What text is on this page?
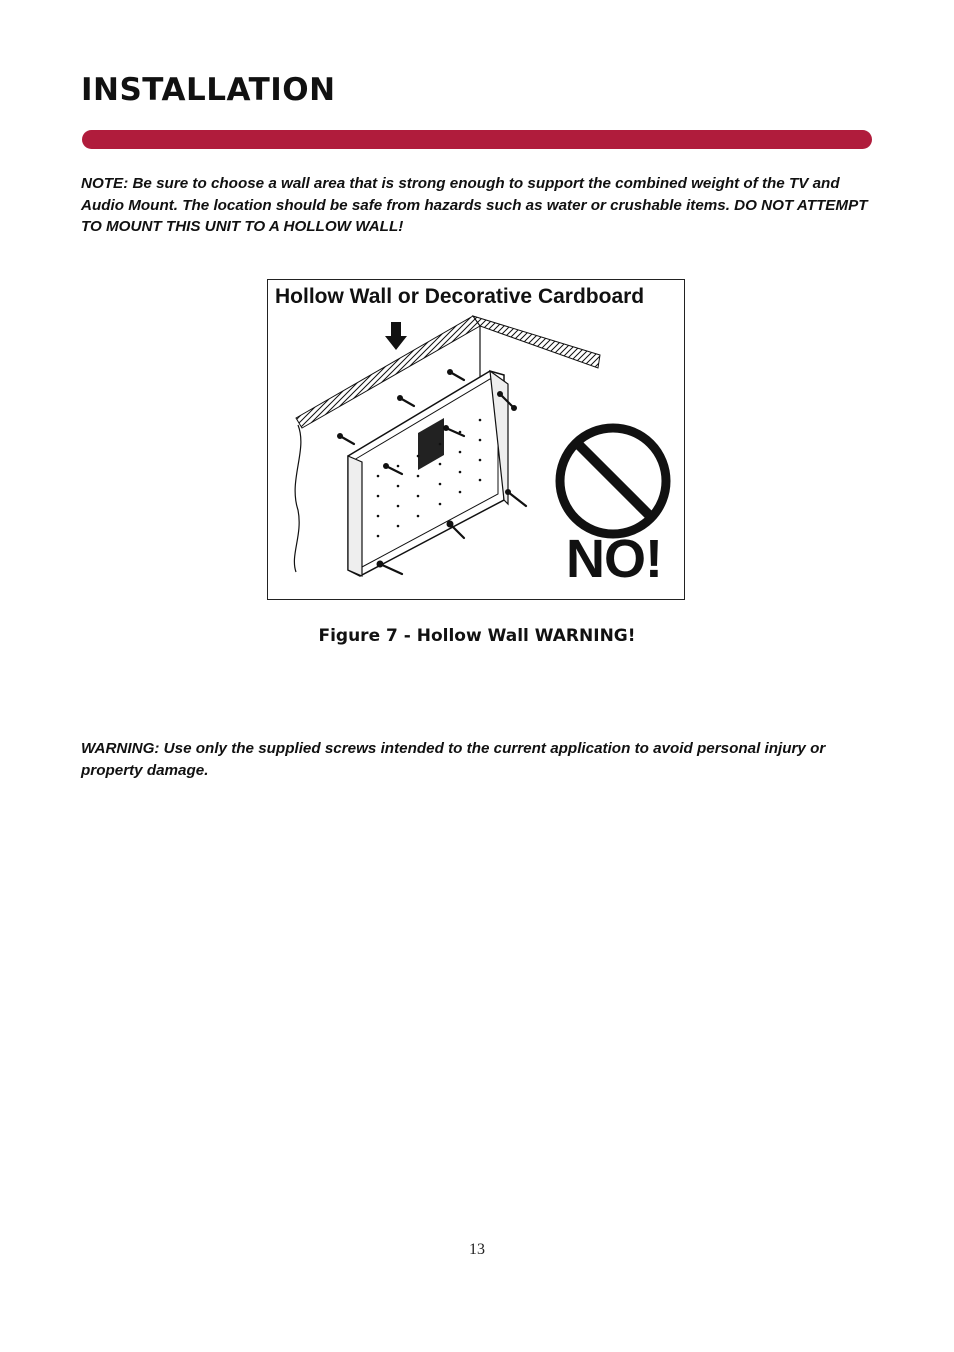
INSTALLATION

NOTE: Be sure to choose a wall area that is strong enough to support the combined weight of the TV and Audio Mount. The location should be safe from hazards such as water or crushable items. DO NOT ATTEMPT TO MOUNT THIS UNIT TO A HOLLOW WALL!

Hollow Wall or Decorative Cardboard
NO!
Figure 7 - Hollow Wall WARNING!

WARNING: Use only the supplied screws intended to the current application to avoid personal injury or property damage.

13
